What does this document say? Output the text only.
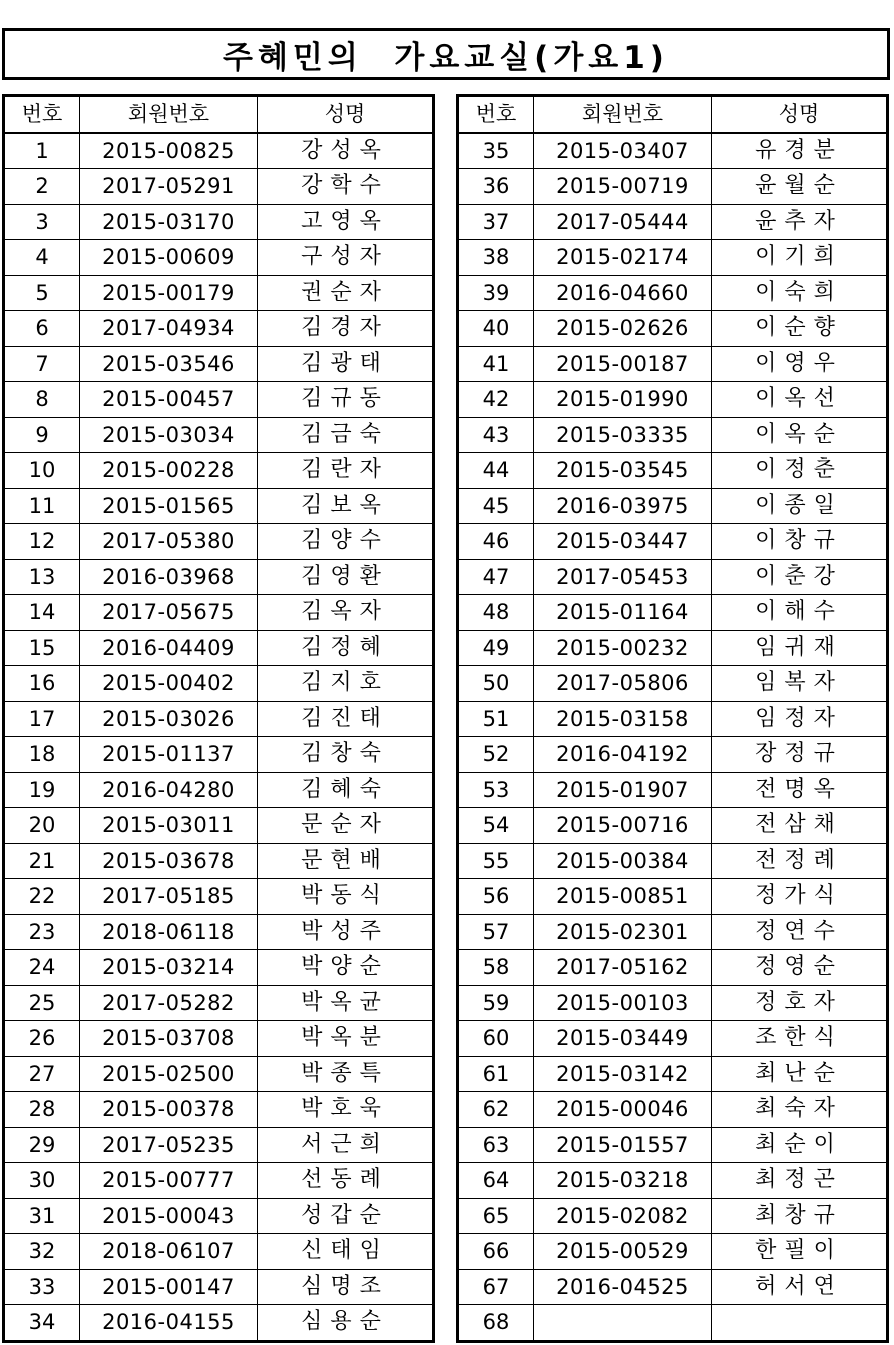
주혜민의  가요교실(가요1)
번호	회원번호	성명
1	2015-00825	강성옥
2	2017-05291	강학수
3	2015-03170	고영옥
4	2015-00609	구성자
5	2015-00179	권순자
6	2017-04934	김경자
7	2015-03546	김광태
8	2015-00457	김규동
9	2015-03034	김금숙
10	2015-00228	김란자
11	2015-01565	김보옥
12	2017-05380	김양수
13	2016-03968	김영환
14	2017-05675	김옥자
15	2016-04409	김정혜
16	2015-00402	김지호
17	2015-03026	김진태
18	2015-01137	김창숙
19	2016-04280	김혜숙
20	2015-03011	문순자
21	2015-03678	문현배
22	2017-05185	박동식
23	2018-06118	박성주
24	2015-03214	박양순
25	2017-05282	박옥균
26	2015-03708	박옥분
27	2015-02500	박종특
28	2015-00378	박호욱
29	2017-05235	서근희
30	2015-00777	선동례
31	2015-00043	성갑순
32	2018-06107	신태임
33	2015-00147	심명조
34	2016-04155	심용순
번호	회원번호	성명
35	2015-03407	유경분
36	2015-00719	윤월순
37	2017-05444	윤추자
38	2015-02174	이기희
39	2016-04660	이숙희
40	2015-02626	이순향
41	2015-00187	이영우
42	2015-01990	이옥선
43	2015-03335	이옥순
44	2015-03545	이정춘
45	2016-03975	이종일
46	2015-03447	이창규
47	2017-05453	이춘강
48	2015-01164	이해수
49	2015-00232	임귀재
50	2017-05806	임복자
51	2015-03158	임정자
52	2016-04192	장정규
53	2015-01907	전명옥
54	2015-00716	전삼채
55	2015-00384	전정례
56	2015-00851	정가식
57	2015-02301	정연수
58	2017-05162	정영순
59	2015-00103	정호자
60	2015-03449	조한식
61	2015-03142	최난순
62	2015-00046	최숙자
63	2015-01557	최순이
64	2015-03218	최정곤
65	2015-02082	최창규
66	2015-00529	한필이
67	2016-04525	허서연
68		
